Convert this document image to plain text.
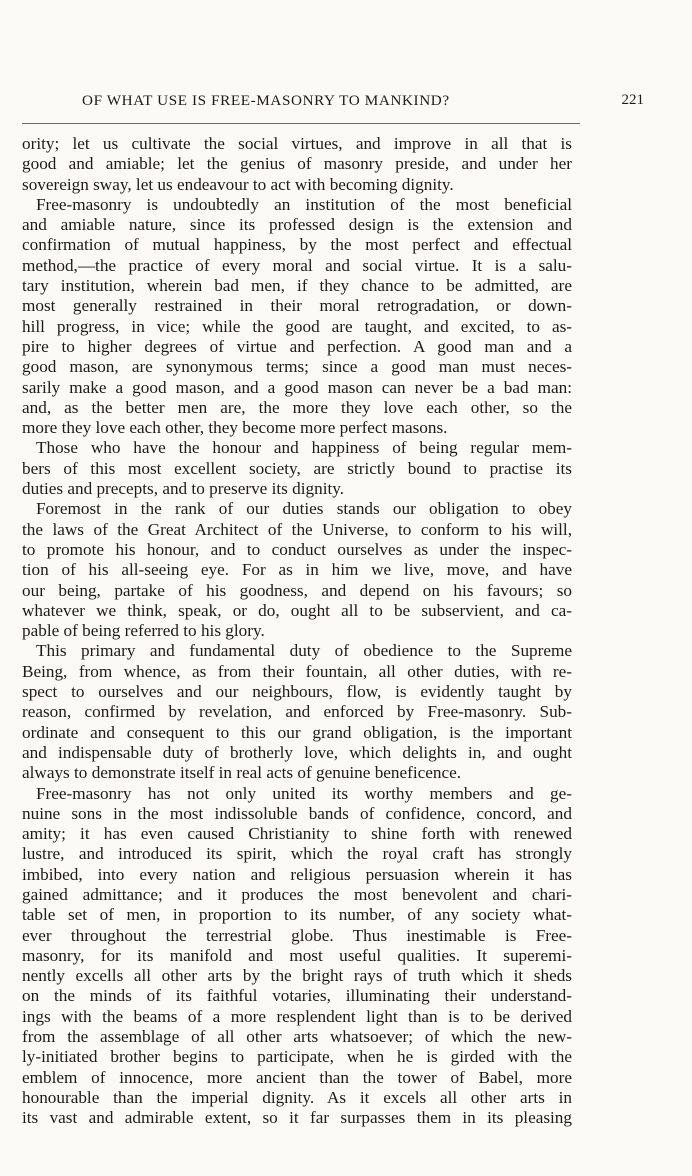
OF WHAT USE IS FREE-MASONRY TO MANKIND?	221
ority; let us cultivate the social virtues, and improve in all that is
good and amiable; let the genius of masonry preside, and under her
sovereign sway, let us endeavour to act with becoming dignity.
Free-masonry is undoubtedly an institution of the most beneficial
and amiable nature, since its professed design is the extension and
confirmation of mutual happiness, by the most perfect and effectual
method,—the practice of every moral and social virtue. It is a salu-
tary institution, wherein bad men, if they chance to be admitted, are
most generally restrained in their moral retrogradation, or down-
hill progress, in vice; while the good are taught, and excited, to as-
pire to higher degrees of virtue and perfection. A good man and a
good mason, are synonymous terms; since a good man must neces-
sarily make a good mason, and a good mason can never be a bad man:
and, as the better men are, the more they love each other, so the
more they love each other, they become more perfect masons.
Those who have the honour and happiness of being regular mem-
bers of this most excellent society, are strictly bound to practise its
duties and precepts, and to preserve its dignity.
Foremost in the rank of our duties stands our obligation to obey
the laws of the Great Architect of the Universe, to conform to his will,
to promote his honour, and to conduct ourselves as under the inspec-
tion of his all-seeing eye. For as in him we live, move, and have
our being, partake of his goodness, and depend on his favours; so
whatever we think, speak, or do, ought all to be subservient, and ca-
pable of being referred to his glory.
This primary and fundamental duty of obedience to the Supreme
Being, from whence, as from their fountain, all other duties, with re-
spect to ourselves and our neighbours, flow, is evidently taught by
reason, confirmed by revelation, and enforced by Free-masonry. Sub-
ordinate and consequent to this our grand obligation, is the important
and indispensable duty of brotherly love, which delights in, and ought
always to demonstrate itself in real acts of genuine beneficence.
Free-masonry has not only united its worthy members and ge-
nuine sons in the most indissoluble bands of confidence, concord, and
amity; it has even caused Christianity to shine forth with renewed
lustre, and introduced its spirit, which the royal craft has strongly
imbibed, into every nation and religious persuasion wherein it has
gained admittance; and it produces the most benevolent and chari-
table set of men, in proportion to its number, of any society what-
ever throughout the terrestrial globe. Thus inestimable is Free-
masonry, for its manifold and most useful qualities. It superemi-
nently excells all other arts by the bright rays of truth which it sheds
on the minds of its faithful votaries, illuminating their understand-
ings with the beams of a more resplendent light than is to be derived
from the assemblage of all other arts whatsoever; of which the new-
ly-initiated brother begins to participate, when he is girded with the
emblem of innocence, more ancient than the tower of Babel, more
honourable than the imperial dignity. As it excels all other arts in
its vast and admirable extent, so it far surpasses them in its pleasing
